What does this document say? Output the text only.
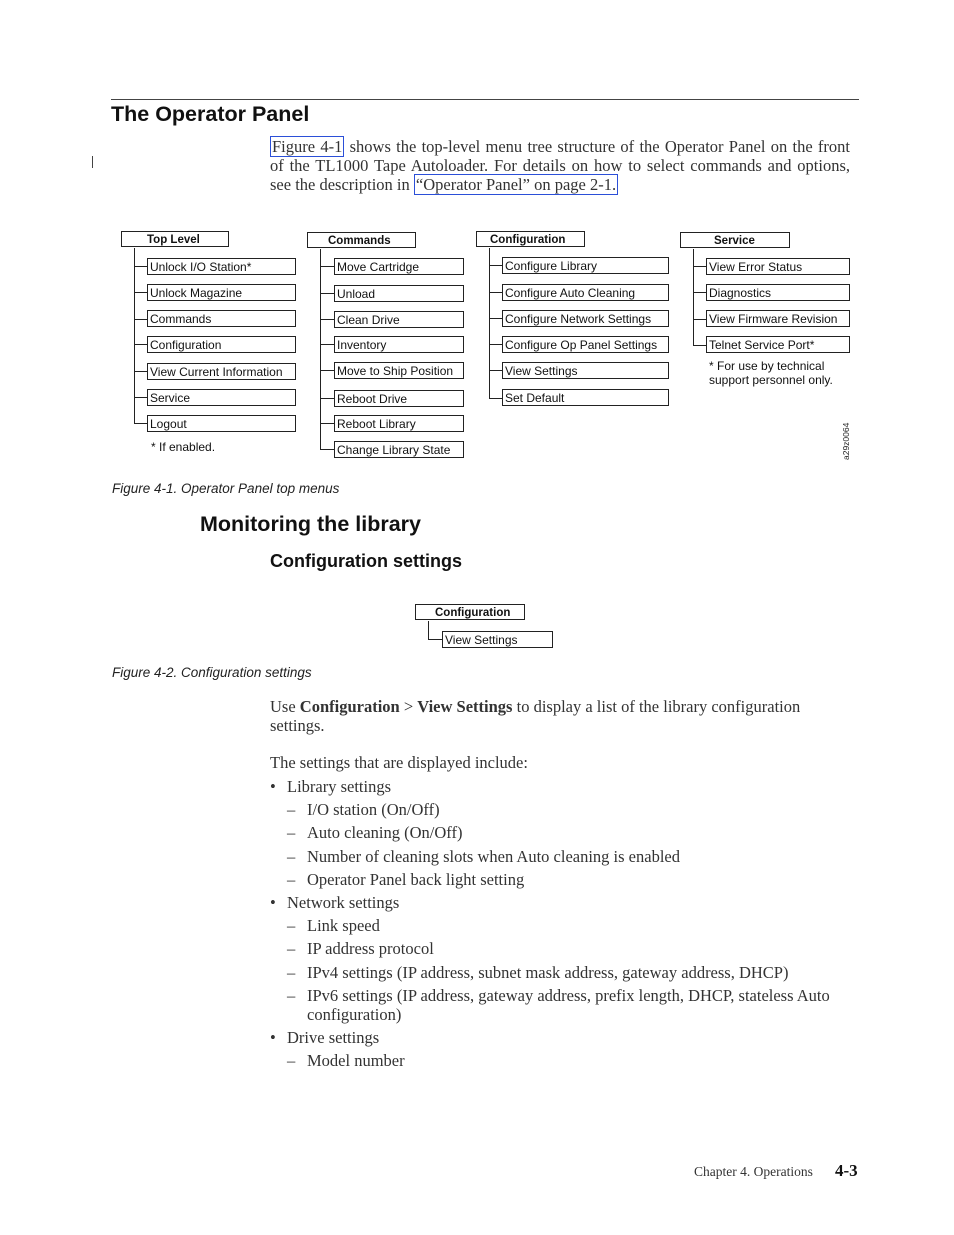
The Operator Panel
Figure 4-1 shows the top-level menu tree structure of the Operator Panel on the front of the TL1000 Tape Autoloader. For details on how to select commands and options, see the description in “Operator Panel” on page 2-1.
Top Level
Unlock I/O Station*
Unlock Magazine
Commands
Configuration
View Current Information
Service
Logout
* If enabled.
Commands
Move Cartridge
Unload
Clean Drive
Inventory
Move to Ship Position
Reboot Drive
Reboot Library
Change Library State
Configuration
Configure Library
Configure Auto Cleaning
Configure Network Settings
Configure Op Panel Settings
View Settings
Set Default
Service
View Error Status
Diagnostics
View Firmware Revision
Telnet Service Port*
* For use by technical
support personnel only.
a29z0064
Figure 4-1. Operator Panel top menus
Monitoring the library
Configuration settings
Configuration
View Settings
Figure 4-2. Configuration settings
Use Configuration > View Settings to display a list of the library configuration settings.
The settings that are displayed include:
• Library settings
– I/O station (On/Off)
– Auto cleaning (On/Off)
– Number of cleaning slots when Auto cleaning is enabled
– Operator Panel back light setting
• Network settings
– Link speed
– IP address protocol
– IPv4 settings (IP address, subnet mask address, gateway address, DHCP)
– IPv6 settings (IP address, gateway address, prefix length, DHCP, stateless Auto configuration)
• Drive settings
– Model number
Chapter 4. Operations 4-3
